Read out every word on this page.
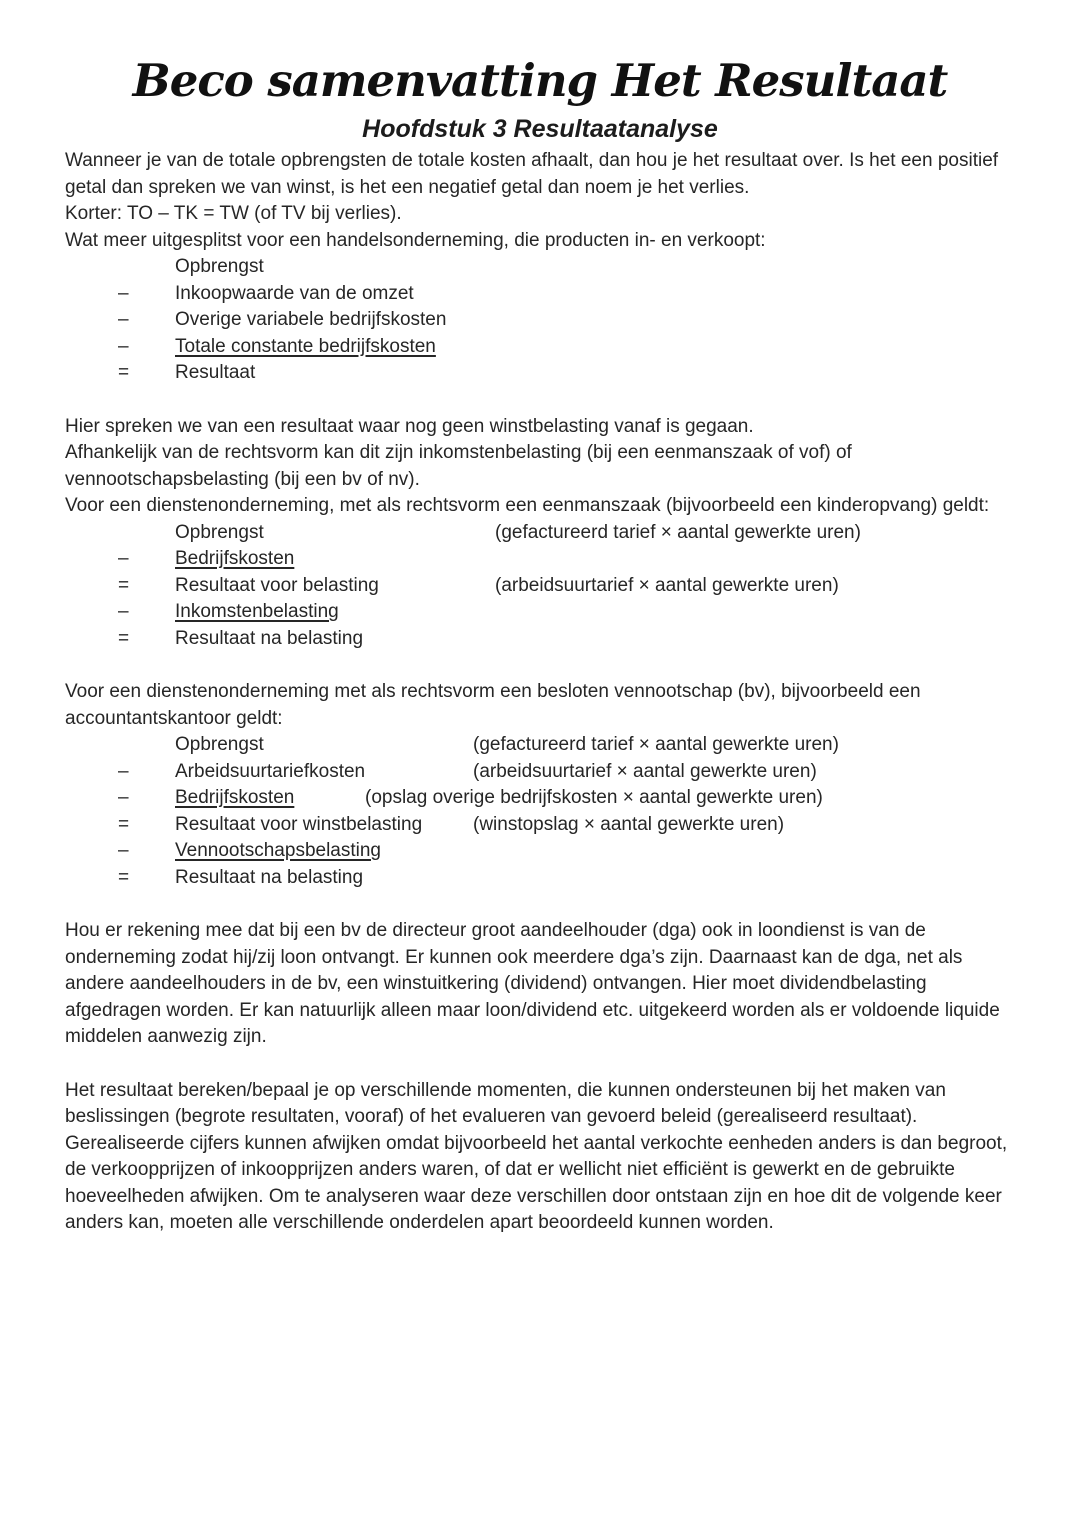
Beco samenvatting Het Resultaat
Hoofdstuk 3 Resultaatanalyse

Wanneer je van de totale opbrengsten de totale kosten afhaalt, dan hou je het resultaat over. Is het een positief getal dan spreken we van winst, is het een negatief getal dan noem je het verlies.

Korter: TO – TK = TW (of TV bij verlies).

Wat meer uitgesplitst voor een handelsonderneming, die producten in- en verkoopt:

Opbrengst
–	Inkoopwaarde van de omzet
–	Overige variabele bedrijfskosten
–	Totale constante bedrijfskosten
=	Resultaat

Hier spreken we van een resultaat waar nog geen winstbelasting vanaf is gegaan.

Afhankelijk van de rechtsvorm kan dit zijn inkomstenbelasting (bij een eenmanszaak of vof) of vennootschapsbelasting (bij een bv of nv).

Voor een dienstenonderneming, met als rechtsvorm een eenmanszaak (bijvoorbeeld een kinderopvang) geldt:

Opbrengst	(gefactureerd tarief × aantal gewerkte uren)
–	Bedrijfskosten
=	Resultaat voor belasting	(arbeidsuurtarief × aantal gewerkte uren)
–	Inkomstenbelasting
=	Resultaat na belasting

Voor een dienstenonderneming met als rechtsvorm een besloten vennootschap (bv), bijvoorbeeld een accountantskantoor geldt:

Opbrengst	(gefactureerd tarief × aantal gewerkte uren)
–	Arbeidsuurtariefkosten	(arbeidsuurtarief × aantal gewerkte uren)
–	Bedrijfskosten	(opslag overige bedrijfskosten × aantal gewerkte uren)
=	Resultaat voor winstbelasting	(winstopslag × aantal gewerkte uren)
–	Vennootschapsbelasting
=	Resultaat na belasting

Hou er rekening mee dat bij een bv de directeur groot aandeelhouder (dga) ook in loondienst is van de onderneming zodat hij/zij loon ontvangt. Er kunnen ook meerdere dga’s zijn. Daarnaast kan de dga, net als andere aandeelhouders in de bv, een winstuitkering (dividend) ontvangen. Hier moet dividendbelasting afgedragen worden. Er kan natuurlijk alleen maar loon/dividend etc. uitgekeerd worden als er voldoende liquide middelen aanwezig zijn.

Het resultaat bereken/bepaal je op verschillende momenten, die kunnen ondersteunen bij het maken van beslissingen (begrote resultaten, vooraf) of het evalueren van gevoerd beleid (gerealiseerd resultaat).

Gerealiseerde cijfers kunnen afwijken omdat bijvoorbeeld het aantal verkochte eenheden anders is dan begroot, de verkoopprijzen of inkoopprijzen anders waren, of dat er wellicht niet efficiënt is gewerkt en de gebruikte hoeveelheden afwijken. Om te analyseren waar deze verschillen door ontstaan zijn en hoe dit de volgende keer anders kan, moeten alle verschillende onderdelen apart beoordeeld kunnen worden.
